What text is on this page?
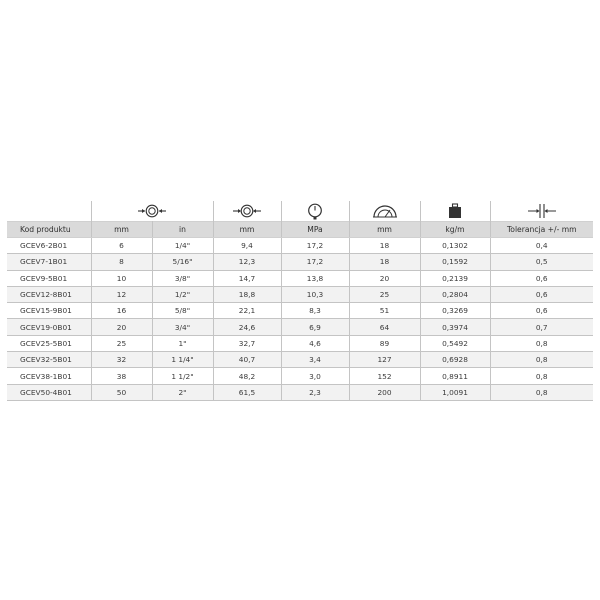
Kod produktu	mm	in	mm	MPa	mm	kg/m	Tolerancja +/- mm
GCEV6-2B01	6	1/4"	9,4	17,2	18	0,1302	0,4
GCEV7-1B01	8	5/16"	12,3	17,2	18	0,1592	0,5
GCEV9-5B01	10	3/8"	14,7	13,8	20	0,2139	0,6
GCEV12-8B01	12	1/2"	18,8	10,3	25	0,2804	0,6
GCEV15-9B01	16	5/8"	22,1	8,3	51	0,3269	0,6
GCEV19-0B01	20	3/4"	24,6	6,9	64	0,3974	0,7
GCEV25-5B01	25	1"	32,7	4,6	89	0,5492	0,8
GCEV32-5B01	32	1 1/4"	40,7	3,4	127	0,6928	0,8
GCEV38-1B01	38	1 1/2"	48,2	3,0	152	0,8911	0,8
GCEV50-4B01	50	2"	61,5	2,3	200	1,0091	0,8
